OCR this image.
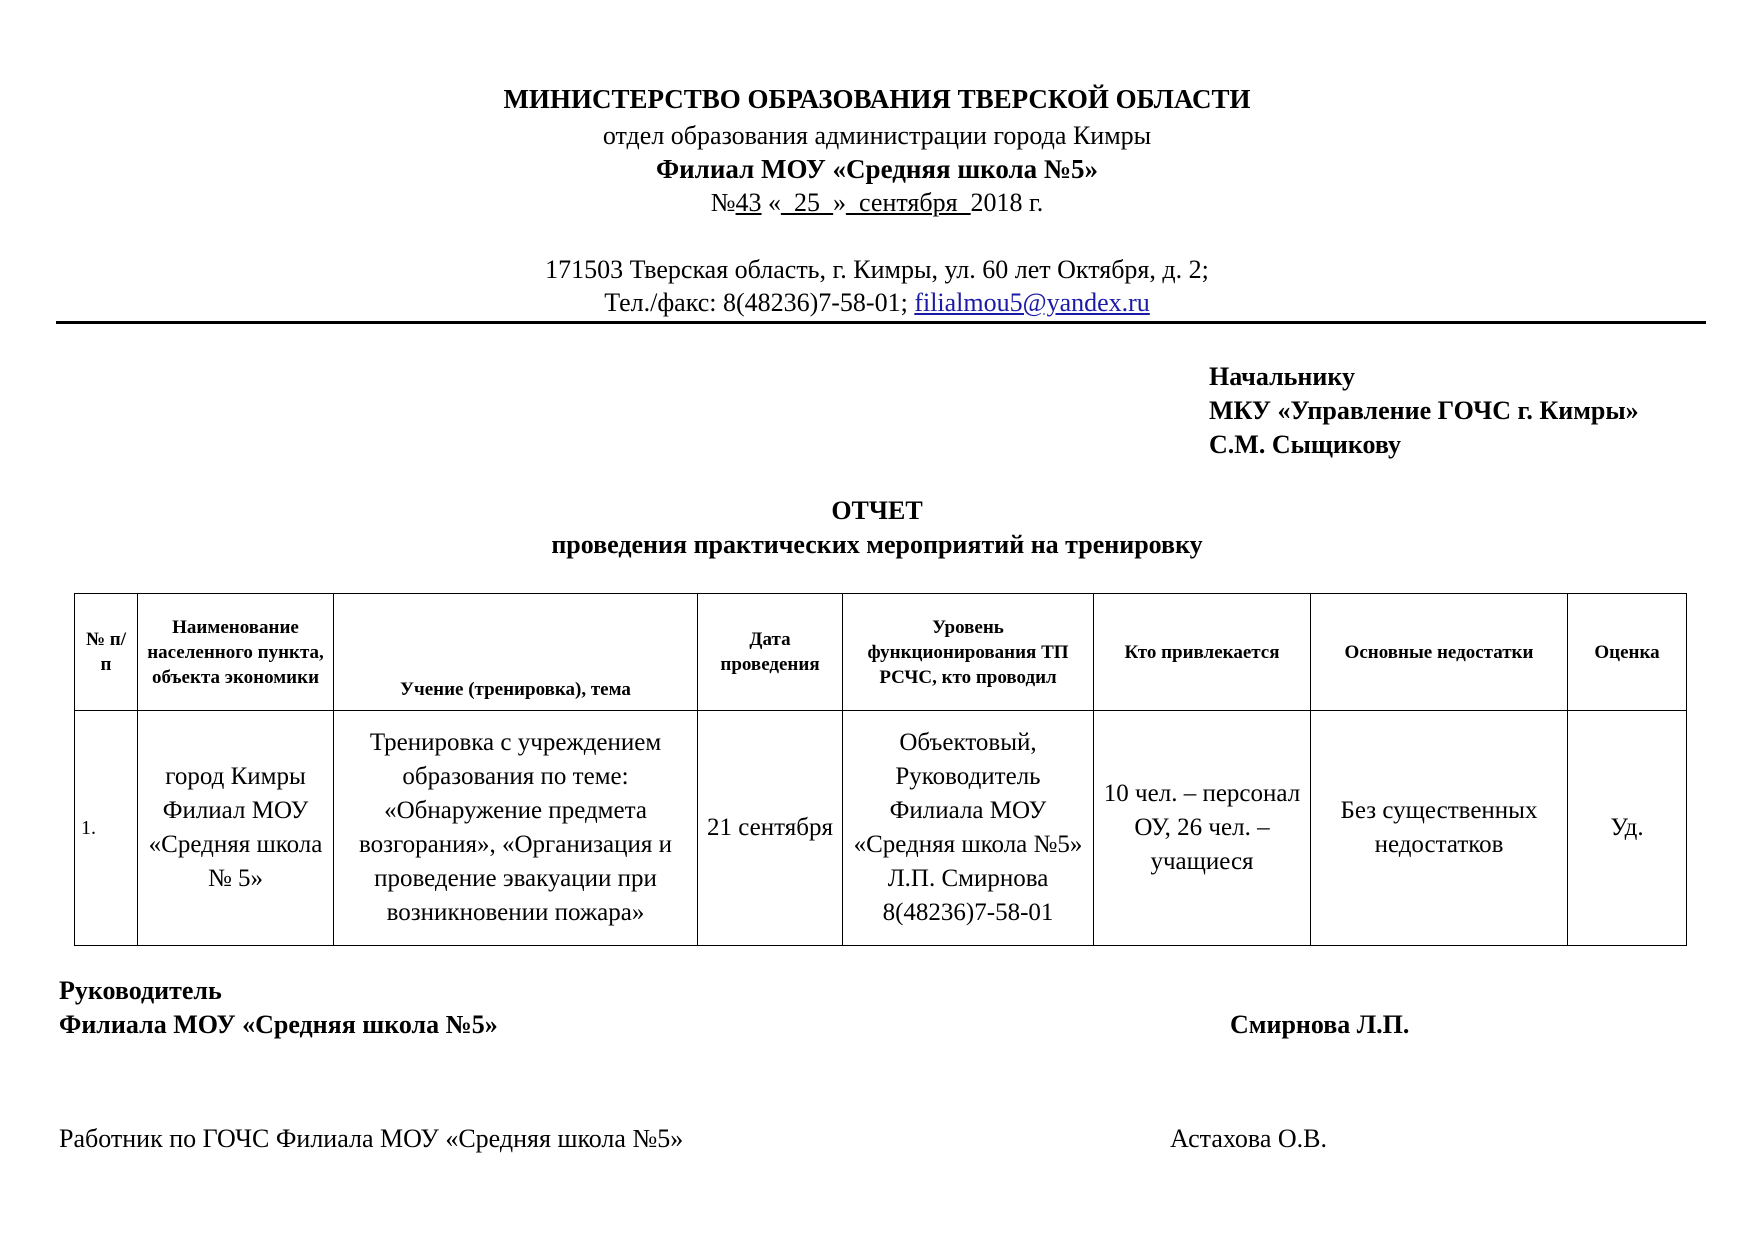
МИНИСТЕРСТВО ОБРАЗОВАНИЯ ТВЕРСКОЙ ОБЛАСТИ
отдел образования администрации города Кимры
Филиал МОУ «Средняя школа №5»
№43 «_25_»_сентября_2018 г.
171503 Тверская область, г. Кимры, ул. 60 лет Октября, д. 2;
Тел./факс: 8(48236)7-58-01; filialmou5@yandex.ru
Начальнику
МКУ «Управление ГОЧС г. Кимры»
С.М. Сыщикову
ОТЧЕТ
проведения практических мероприятий на тренировку
№ п/п	Наименование населенного пункта, объекта экономики	Учение (тренировка), тема	Дата проведения	Уровень функционирования ТП РСЧС, кто проводил	Кто привлекается	Основные недостатки	Оценка
1.	город Кимры Филиал МОУ «Средняя школа № 5»	Тренировка с учреждением образования по теме: «Обнаружение предмета возгорания», «Организация и проведение эвакуации при возникновении пожара»	21 сентября	Объектовый, Руководитель Филиала МОУ «Средняя школа №5» Л.П. Смирнова 8(48236)7-58-01	10 чел. – персонал ОУ, 26 чел. – учащиеся	Без существенных недостатков	Уд.
Руководитель
Филиала МОУ «Средняя школа №5»	Смирнова Л.П.
Работник по ГОЧС Филиала МОУ «Средняя школа №5»	Астахова О.В.
